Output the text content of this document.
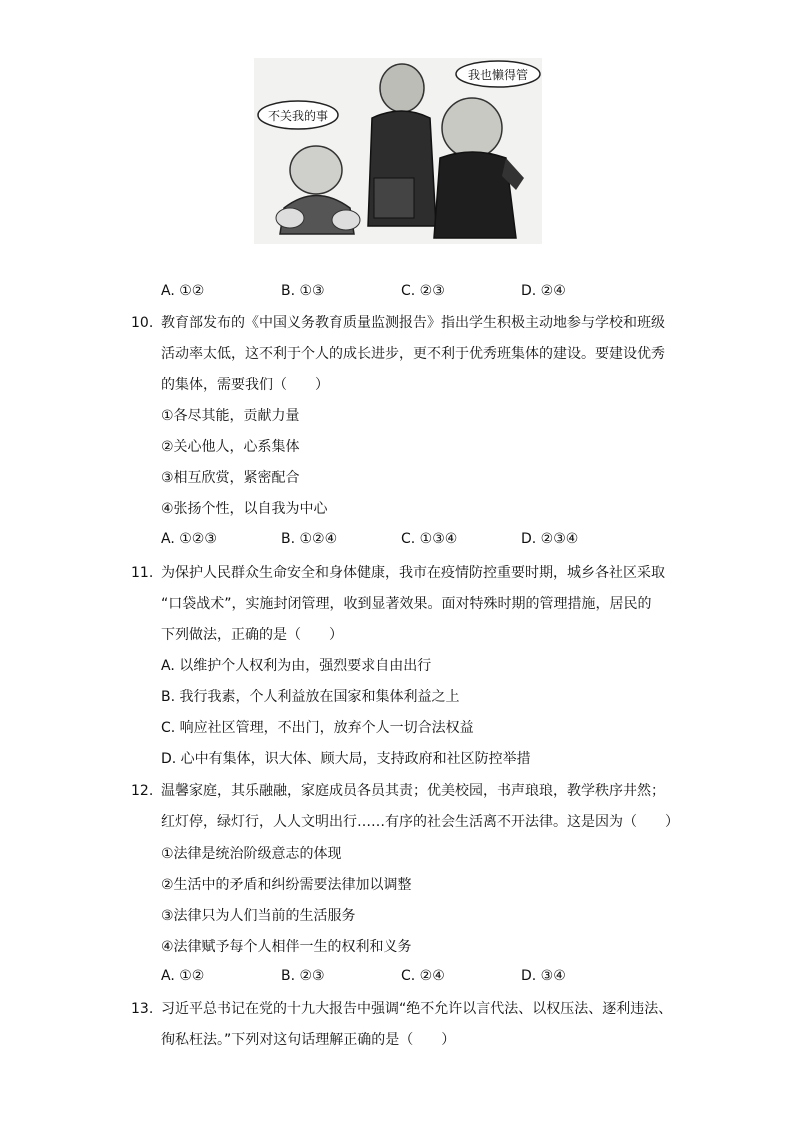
不关我的事
我也懒得管
A. ①②	B. ①③	C. ②③	D. ②④
10. 教育部发布的《中国义务教育质量监测报告》指出学生积极主动地参与学校和班级
活动率太低，这不利于个人的成长进步，更不利于优秀班集体的建设。要建设优秀
的集体，需要我们（　　）
①各尽其能，贡献力量
②关心他人，心系集体
③相互欣赏，紧密配合
④张扬个性，以自我为中心
A. ①②③	B. ①②④	C. ①③④	D. ②③④
11. 为保护人民群众生命安全和身体健康，我市在疫情防控重要时期，城乡各社区采取
“口袋战术”，实施封闭管理，收到显著效果。面对特殊时期的管理措施，居民的
下列做法，正确的是（　　）
A. 以维护个人权利为由，强烈要求自由出行
B. 我行我素，个人利益放在国家和集体利益之上
C. 响应社区管理，不出门，放弃个人一切合法权益
D. 心中有集体，识大体、顾大局，支持政府和社区防控举措
12. 温馨家庭，其乐融融，家庭成员各员其责；优美校园，书声琅琅，教学秩序井然；
红灯停，绿灯行，人人文明出行……有序的社会生活离不开法律。这是因为（　　）
①法律是统治阶级意志的体现
②生活中的矛盾和纠纷需要法律加以调整
③法律只为人们当前的生活服务
④法律赋予每个人相伴一生的权利和义务
A. ①②	B. ②③	C. ②④	D. ③④
13. 习近平总书记在党的十九大报告中强调“绝不允许以言代法、以权压法、逐利违法、
徇私枉法。”下列对这句话理解正确的是（　　）
